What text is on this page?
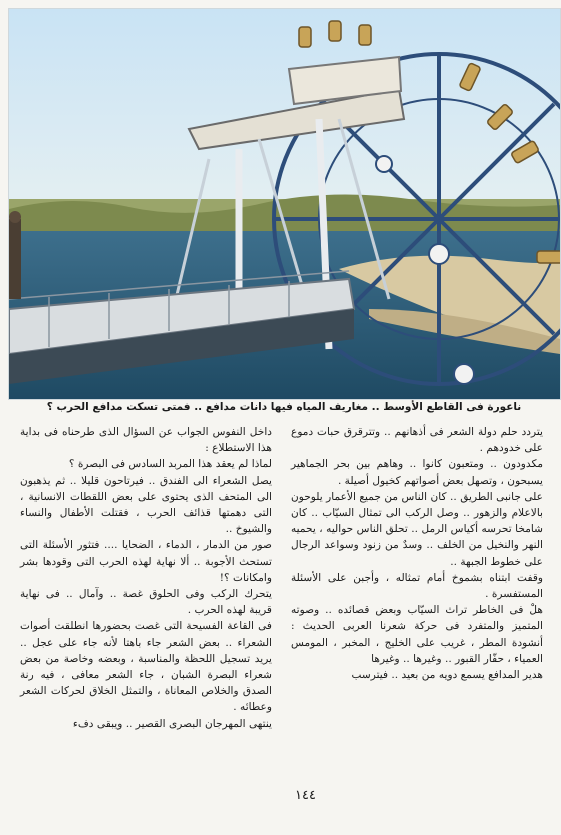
ناعورة فى القاطع الأوسط .. مغاريف المياه فيها دانات مدافع .. فمتى تسكت مدافع الحرب ؟

يتردد حلم دولة الشعر فى أذهانهم .. وتترقرق حبات دموع على خدودهم .

مكدودون .. ومتعبون كانوا .. وهاهم بين بحر الجماهير يسبحون ، وتصهل بعض أصواتهم كخيول أصيلة .

على جانبى الطريق .. كان الناس من جميع الأعمار يلوحون بالاعلام والزهور .. وصل الركب الى تمثال السيّاب .. كان شامخا تحرسه أكياس الرمل .. تحلق الناس حواليه ، يحميه النهر والنخيل من الخلف .. وسدٌ من زنود وسواعد الرجال على خطوط الجبهة ..

وقفت ابتناه بشموخ أمام تمثاله ، وأجبن على الأسئلة المستفسرة .

هلْ فى الخاطر تراث السيّاب وبعض قصائده .. وصوته المتميز والمتفرد فى حركة شعرنا العربى الحديث : أنشودة المطر ، غريب على الخليج ، المخبر ، المومس العمياء ، حفّار القبور .. وغيرها .. وغيرها

هدير المدافع يسمع دويه من بعيد .. فيترسب

داخل النفوس الجواب عن السؤال الذى طرحناه فى بداية هذا الاستطلاع :

لماذا لم يعقد هذا المربد السادس فى البصرة ؟

يصل الشعراء الى الفندق .. فيرتاحون قليلا .. ثم يذهبون الى المتحف الذى يحتوى على بعض اللقطات الانسانية ، التى دهمتها قذائف الحرب ، فقتلت الأطفال والنساء والشيوخ ..

صور من الدمار ، الدماء ، الضحايا .... فتثور الأسئلة التى تستحث الأجوبة .. ألا نهاية لهذه الحرب التى وقودها بشر وامكانات ؟!

يتحرك الركب وفى الحلوق غصة .. وآمال .. فى نهاية قريبة لهذه الحرب .

فى القاعة الفسيحة التى غصت بحضورها انطلقت أصوات الشعراء .. بعض الشعر جاء باهتا لأنه جاء على عجل .. يريد تسجيل اللحظة والمناسبة ، وبعضه وخاصة من بعض شعراء البصرة الشبان ، جاء الشعر معافى ، فيه رنة الصدق والخلاص المعاناة ، والتمثل الخلاق لحركات الشعر وعطائه .

ينتهى المهرجان البصرى القصير .. ويبقى دفء

١٤٤
